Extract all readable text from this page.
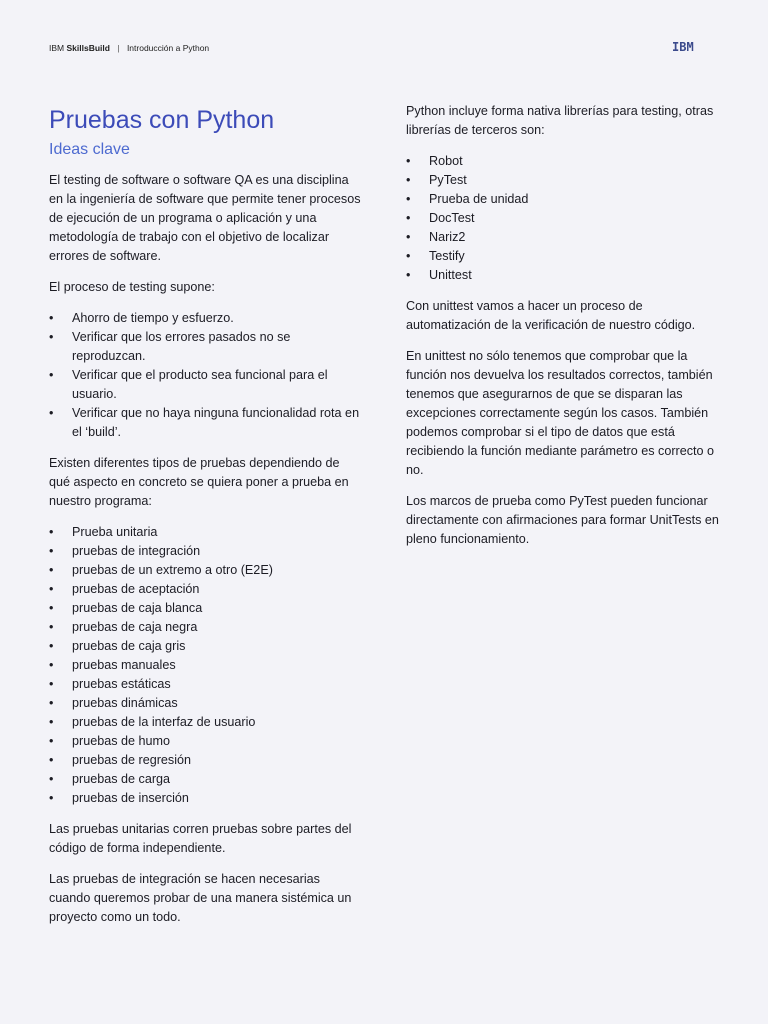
IBM SkillsBuild | Introducción a Python	IBM
Pruebas con Python
Ideas clave

El testing de software o software QA es una disciplina en la ingeniería de software que permite tener procesos de ejecución de un programa o aplicación y una metodología de trabajo con el objetivo de localizar errores de software.

El proceso de testing supone:

• Ahorro de tiempo y esfuerzo.
• Verificar que los errores pasados no se reproduzcan.
• Verificar que el producto sea funcional para el usuario.
• Verificar que no haya ninguna funcionalidad rota en el ‘build’.

Existen diferentes tipos de pruebas dependiendo de qué aspecto en concreto se quiera poner a prueba en nuestro programa:

• Prueba unitaria
• pruebas de integración
• pruebas de un extremo a otro (E2E)
• pruebas de aceptación
• pruebas de caja blanca
• pruebas de caja negra
• pruebas de caja gris
• pruebas manuales
• pruebas estáticas
• pruebas dinámicas
• pruebas de la interfaz de usuario
• pruebas de humo
• pruebas de regresión
• pruebas de carga
• pruebas de inserción

Las pruebas unitarias corren pruebas sobre partes del código de forma independiente.

Las pruebas de integración se hacen necesarias cuando queremos probar de una manera sistémica un proyecto como un todo.

Python incluye forma nativa librerías para testing, otras librerías de terceros son:

• Robot
• PyTest
• Prueba de unidad
• DocTest
• Nariz2
• Testify
• Unittest

Con unittest vamos a hacer un proceso de automatización de la verificación de nuestro código.

En unittest no sólo tenemos que comprobar que la función nos devuelva los resultados correctos, también tenemos que asegurarnos de que se disparan las excepciones correctamente según los casos. También podemos comprobar si el tipo de datos que está recibiendo la función mediante parámetro es correcto o no.

Los marcos de prueba como PyTest pueden funcionar directamente con afirmaciones para formar UnitTests en pleno funcionamiento.
